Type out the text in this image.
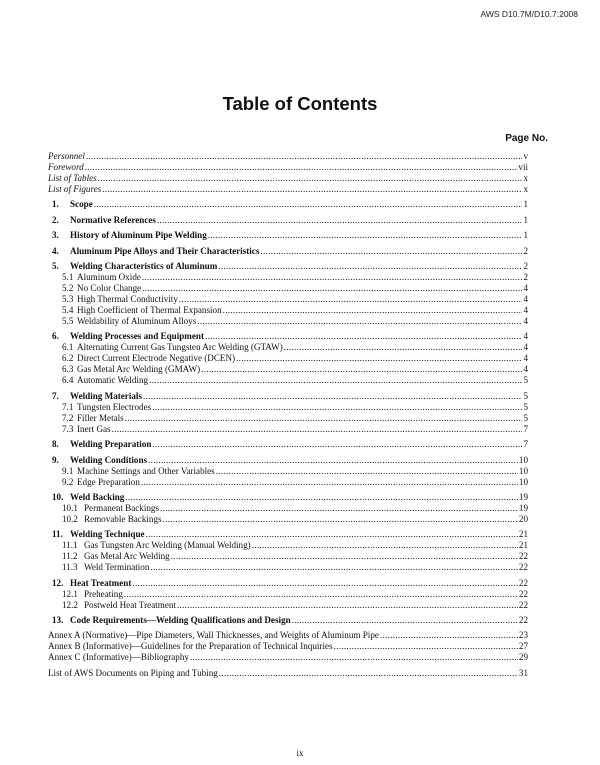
AWS D10.7M/D10.7:2008
Table of Contents
Page No.
Personnel .....	v
Foreword .....	vii
List of Tables .....	x
List of Figures .....	x
1. Scope .....	1
2. Normative References .....	1
3. History of Aluminum Pipe Welding .....	1
4. Aluminum Pipe Alloys and Their Characteristics .....	2
5. Welding Characteristics of Aluminum .....	2
5.1 Aluminum Oxide .....	2
5.2 No Color Change .....	4
5.3 High Thermal Conductivity .....	4
5.4 High Coefficient of Thermal Expansion .....	4
5.5 Weldability of Aluminum Alloys .....	4
6. Welding Processes and Equipment .....	4
6.1 Alternating Current Gas Tungsten Arc Welding (GTAW) .....	4
6.2 Direct Current Electrode Negative (DCEN) .....	4
6.3 Gas Metal Arc Welding (GMAW) .....	4
6.4 Automatic Welding .....	5
7. Welding Materials .....	5
7.1 Tungsten Electrodes .....	5
7.2 Filler Metals .....	5
7.3 Inert Gas .....	7
8. Welding Preparation .....	7
9. Welding Conditions .....	10
9.1 Machine Settings and Other Variables .....	10
9.2 Edge Preparation .....	10
10. Weld Backing .....	19
10.1 Permanent Backings .....	19
10.2 Removable Backings .....	20
11. Welding Technique .....	21
11.1 Gas Tungsten Arc Welding (Manual Welding) .....	21
11.2 Gas Metal Arc Welding .....	22
11.3 Weld Termination .....	22
12. Heat Treatment .....	22
12.1 Preheating .....	22
12.2 Postweld Heat Treatment .....	22
13. Code Requirements—Welding Qualifications and Design .....	22
Annex A (Normative)—Pipe Diameters, Wall Thicknesses, and Weights of Aluminum Pipe .....	23
Annex B (Informative)—Guidelines for the Preparation of Technical Inquiries .....	27
Annex C (Informative)—Bibliography .....	29
List of AWS Documents on Piping and Tubing .....	31
ix
